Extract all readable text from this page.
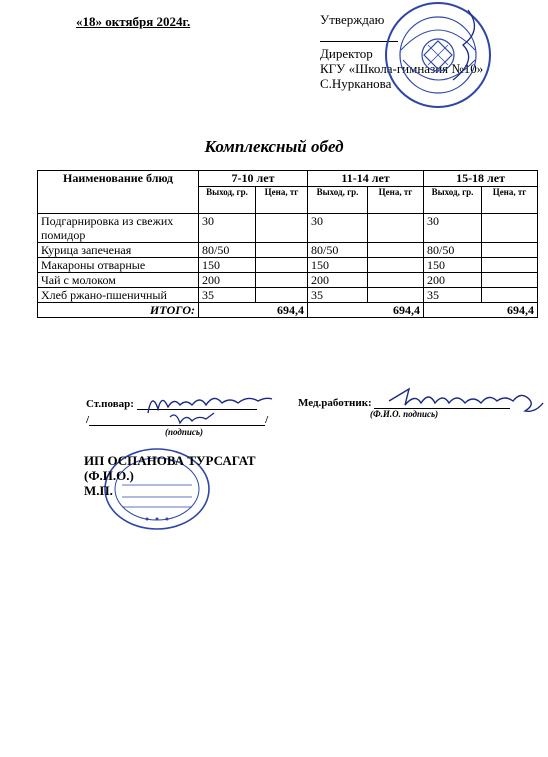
«18» октября 2024г.	Утверждаю
Директор
КГУ «Школа-гимназия №10»
С.Нурканова
Комплексный обед
Наименование блюд	7-10 лет		11-14 лет		15-18 лет	
	Выход, гр.	Цена, тг	Выход, гр.	Цена, тг	Выход, гр.	Цена, тг
Подгарнировка из свежих помидор	30		30		30	
Курица запеченая	80/50		80/50		80/50	
Макароны отварные	150		150		150	
Чай с молоком	200		200		200	
Хлеб ржано-пшеничный	35		35		35	
ИТОГО:	694,4		694,4		694,4	
Ст.повар:
/	/
(подпись)
Мед.работник:
(Ф.И.О. подпись)
ИП ОСПАНОВА ТУРСАГАТ
(Ф.И.О.)
М.П.
